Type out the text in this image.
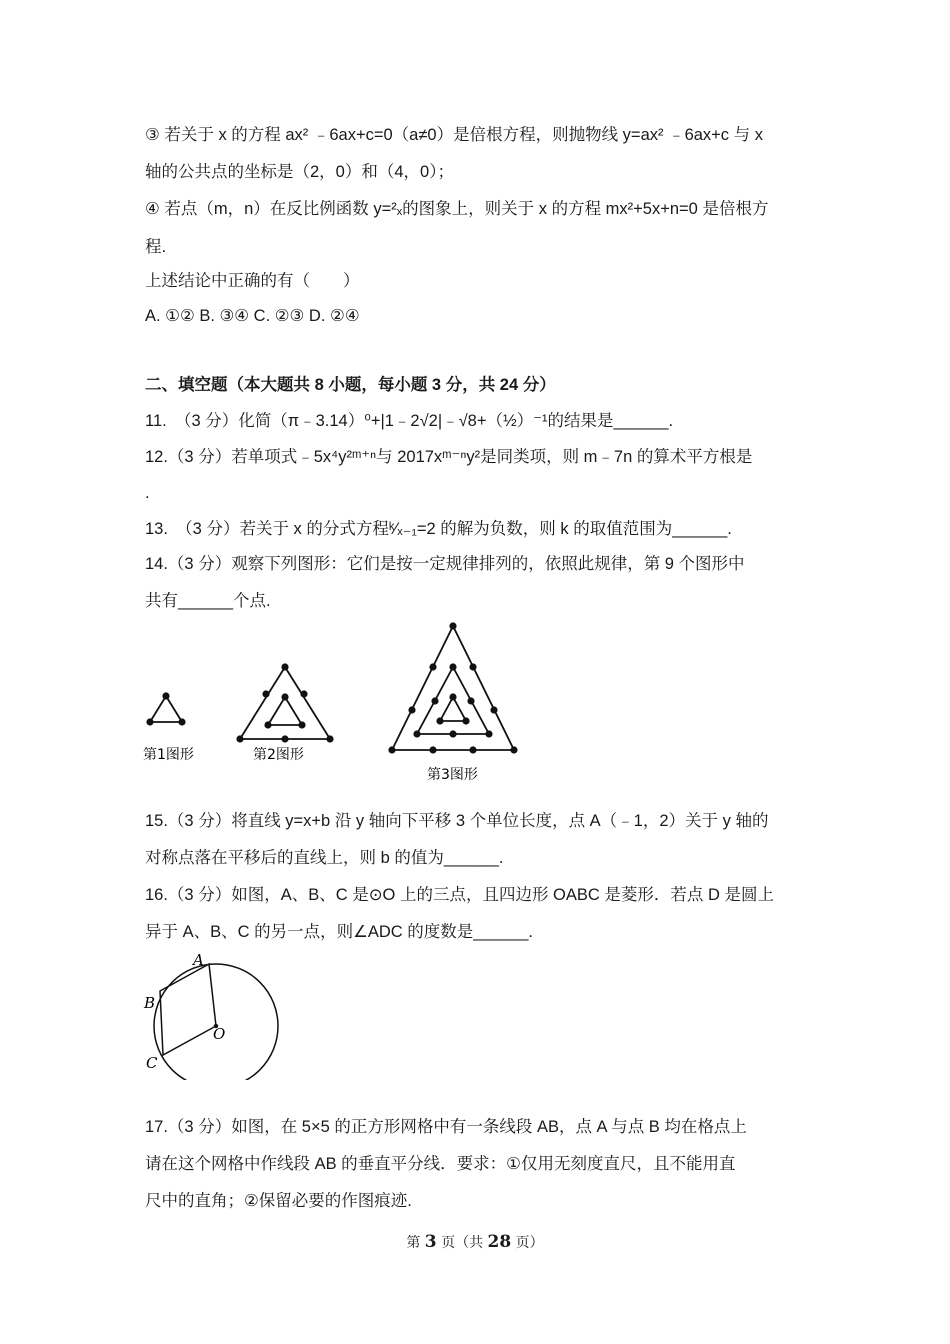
③ 若关于 x 的方程 ax² ﹣6ax+c=0（a≠0）是倍根方程，则抛物线 y=ax² ﹣6ax+c 与 x
轴的公共点的坐标是（2，0）和（4，0）；
④ 若点（m，n）在反比例函数 y=²ₓ的图象上，则关于 x 的方程 mx²+5x+n=0 是倍根方
程.
上述结论中正确的有（　　）
A. ①② B. ③④ C. ②③ D. ②④
二、填空题（本大题共 8 小题，每小题 3 分，共 24 分）
11.　（3 分）化简（π﹣3.14）⁰+|1﹣2√2|﹣√8+（½）⁻¹的结果是______.
12.（3 分）若单项式﹣5x⁴y²ᵐ⁺ⁿ与 2017xᵐ⁻ⁿy²是同类项，则 m﹣7n 的算术平方根是
.
13.　（3 分）若关于 x 的分式方程ᵏ⁄ₓ₋₁=2 的解为负数，则 k 的取值范围为______.
14.（3 分）观察下列图形：它们是按一定规律排列的，依照此规律，第 9 个图形中
共有______个点.
第1图形	第2图形
第3图形
15.（3 分）将直线 y=x+b 沿 y 轴向下平移 3 个单位长度，点 A（﹣1，2）关于 y 轴的
对称点落在平移后的直线上，则 b 的值为______.
16.（3 分）如图，A、B、C 是⊙O 上的三点，且四边形 OABC 是菱形．若点 D 是圆上
异于 A、B、C 的另一点，则∠ADC 的度数是______.
A
B
C
O
17.（3 分）如图，在 5×5 的正方形网格中有一条线段 AB，点 A 与点 B 均在格点上
请在这个网格中作线段 AB 的垂直平分线．要求：①仅用无刻度直尺，且不能用直
尺中的直角；②保留必要的作图痕迹.
第 3 页（共 28 页）
